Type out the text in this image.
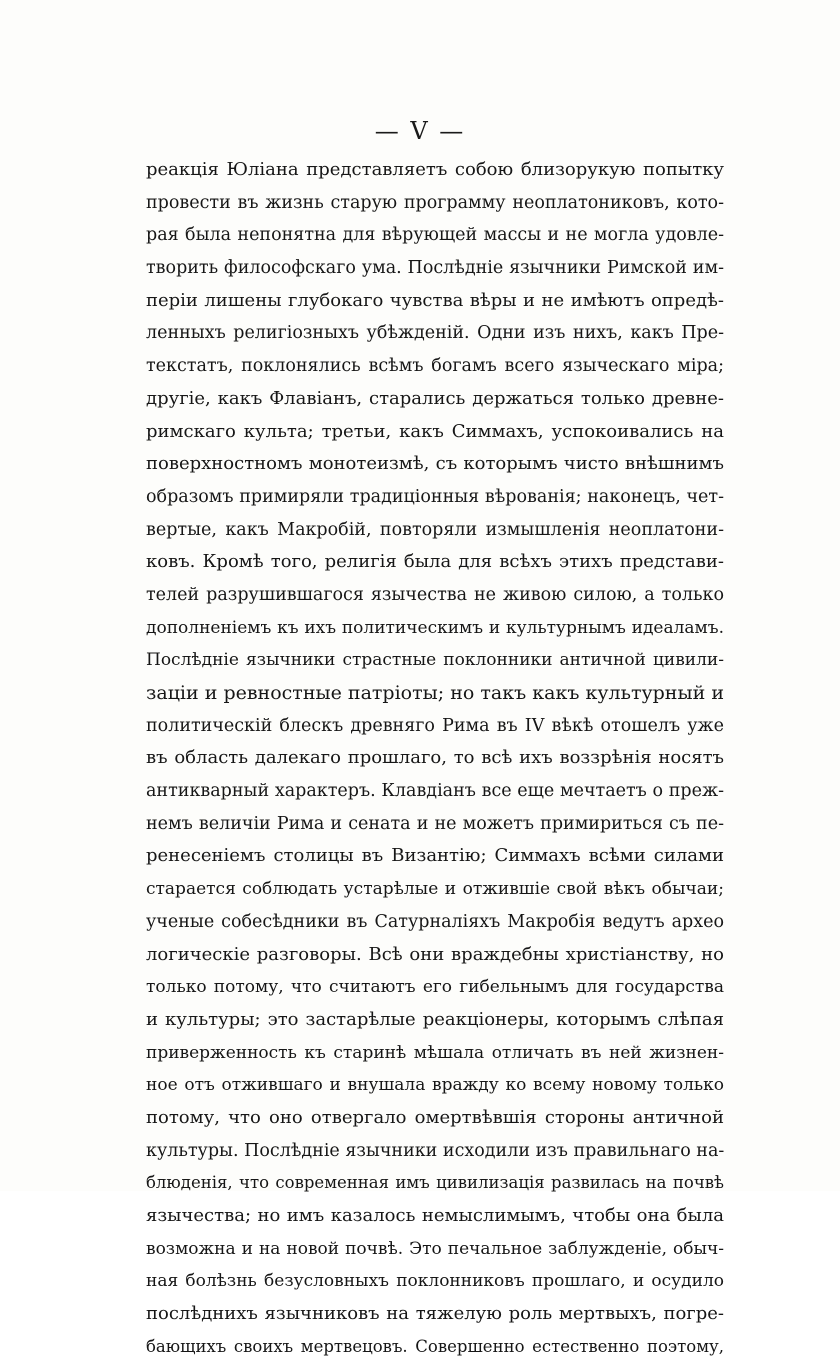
— V —
реакція Юліана представляетъ собою близорукую попытку
провести въ жизнь старую программу неоплатониковъ, кото-
рая была непонятна для вѣрующей массы и не могла удовле-
творить философскаго ума. Послѣдніе язычники Римской им-
періи лишены глубокаго чувства вѣры и не имѣютъ опредѣ-
ленныхъ религіозныхъ убѣжденій. Одни изъ нихъ, какъ Пре-
текстатъ, поклонялись всѣмъ богамъ всего языческаго міра;
другіе, какъ Флавіанъ, старались держаться только древне-
римскаго культа; третьи, какъ Симмахъ, успокоивались на
поверхностномъ монотеизмѣ, съ которымъ чисто внѣшнимъ
образомъ примиряли традиціонныя вѣрованія; наконецъ, чет-
вертые, какъ Макробій, повторяли измышленія неоплатони-
ковъ. Кромѣ того, религія была для всѣхъ этихъ представи-
телей разрушившагося язычества не живою силою, а только
дополненіемъ къ ихъ политическимъ и культурнымъ идеаламъ.
Послѣдніе язычники страстные поклонники античной цивили-
заціи и ревностные патріоты; но такъ какъ культурный и
политическій блескъ древняго Рима въ IV вѣкѣ отошелъ уже
въ область далекаго прошлаго, то всѣ ихъ воззрѣнія носятъ
антикварный характеръ. Клавдіанъ все еще мечтаетъ о преж-
немъ величіи Рима и сената и не можетъ примириться съ пе-
ренесеніемъ столицы въ Византію; Симмахъ всѣми силами
старается соблюдать устарѣлые и отжившіе свой вѣкъ обычаи;
ученые собесѣдники въ Сатурналіяхъ Макробія ведутъ архео
логическіе разговоры. Всѣ они враждебны христіанству, но
только потому, что считаютъ его гибельнымъ для государства
и культуры; это застарѣлые реакціонеры, которымъ слѣпая
приверженность къ старинѣ мѣшала отличать въ ней жизнен-
ное отъ отжившаго и внушала вражду ко всему новому только
потому, что оно отвергало омертвѣвшія стороны античной
культуры. Послѣдніе язычники исходили изъ правильнаго на-
блюденія, что современная имъ цивилизація развилась на почвѣ
язычества; но имъ казалось немыслимымъ, чтобы она была
возможна и на новой почвѣ. Это печальное заблужденіе, обыч-
ная болѣзнь безусловныхъ поклонниковъ прошлаго, и осудило
послѣднихъ язычниковъ на тяжелую роль мертвыхъ, погре-
бающихъ своихъ мертвецовъ. Совершенно естественно поэтому,
